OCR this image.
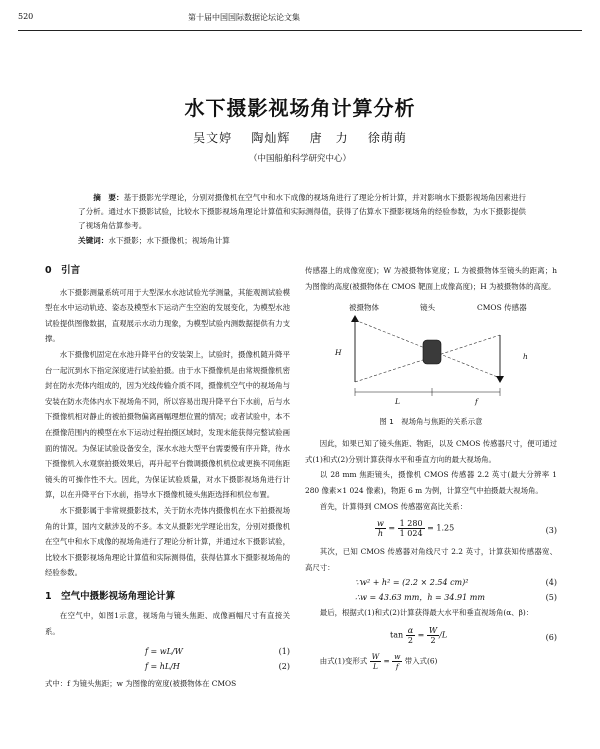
520	第十届中国国际数据论坛论文集
水下摄影视场角计算分析
吴文婷 陶灿辉 唐　力 徐萌萌
（中国船舶科学研究中心）
摘　要：基于摄影光学理论，分别对摄像机在空气中和水下成像的视场角进行了理论分析计算，并对影响水下摄影视场角因素进行了分析。通过水下摄影试验，比较水下摄影视场角理论计算值和实际测得值，获得了估算水下摄影视场角的经验参数，为水下摄影提供了视场角估算参考。
关键词：水下摄影；水下摄像机；视场角计算
0　引言

水下摄影测量系统可用于大型深水水池试验光学测量，其能观测试验模型在水中运动轨迹、姿态及模型水下运动产生空泡的发展变化，为模型水池试验提供图像数据，直观展示水动力现象，为模型试验内测数据提供有力支撑。

水下摄像机固定在水池升降平台的安装架上，试验时，摄像机随升降平台一起沉到水下指定深度进行试验拍摄。由于水下摄像机是由常规摄像机密封在防水壳体内组成的，因为光线传输介质不同，摄像机空气中的视场角与安装在防水壳体内水下视场角不同，所以容易出现升降平台下水前，后与水下摄像机相对静止的被拍摄物偏离画幅理想位置的情况；或者试验中，本不在摄像范围内的模型在水下运动过程拍摄区域时，发现未能获得完整试验画面的情况。为保证试验设备安全，深水水池大型平台需要慢有序升降，待水下摄像机入水观察拍摄效果后，再升起平台微调摄像机机位或更换不同焦距镜头的可操作性不大。因此，为保证试验质量，对水下摄影视场角进行计算，以在升降平台下水前，指导水下摄像机镜头焦距选择和机位布置。

水下摄影属于非常规摄影技术，关于防水壳体内摄像机在水下拍摄视场角的计算，国内文献涉及的不多。本文从摄影光学理论出发，分别对摄像机在空气中和水下成像的视场角进行了理论分析计算，并通过水下摄影试验，比较水下摄影视场角理论计算值和实际测得值，获得估算水下摄影视场角的经验参数。

1　空气中摄影视场角理论计算

在空气中，如图1示意，视场角与镜头焦距、成像画幅尺寸有直接关系。

f = wL/W	(1)
f = hL/H	(2)

式中：f 为镜头焦距；w 为图像的宽度(被摄物体在 CMOS

传感器上的成像宽度)；W 为被摄物体宽度；L 为被摄物体至镜头的距离；h 为图像的高度(被摄物体在 CMOS 靶面上成像高度)；H 为被摄物体的高度。

被摄物体	镜头	CMOS 传感器
H	h
L	f
图 1　视场角与焦距的关系示意

因此，如果已知了镜头焦距、物距，以及 CMOS 传感器尺寸，便可通过式(1)和式(2)分别计算获得水平和垂直方向的最大视场角。

以 28 mm 焦距镜头，摄像机 CMOS 传感器 2.2 英寸(最大分辨率 1 280 像素×1 024 像素)，物距 6 m 为例，计算空气中拍摄最大视场角。

首先，计算得到 CMOS 传感器宽高比关系：

$\frac{w}{h} = \frac{1 280}{1 024} = 1.25$	(3)

其次，已知 CMOS 传感器对角线尺寸 2.2 英寸，计算获知传感器宽、高尺寸：

∵w² + h² = (2.2 × 2.54 cm)²	(4)
∴w = 43.63 mm，h = 34.91 mm	(5)

最后，根据式(1)和式(2)计算获得最大水平和垂直视场角(α、β)：

$\tan \frac{\alpha}{2} = \frac{W}{2} /L$	(6)
由式(1)变形式 $\frac{W}{L} = \frac{w}{f}$ 带入式(6)
